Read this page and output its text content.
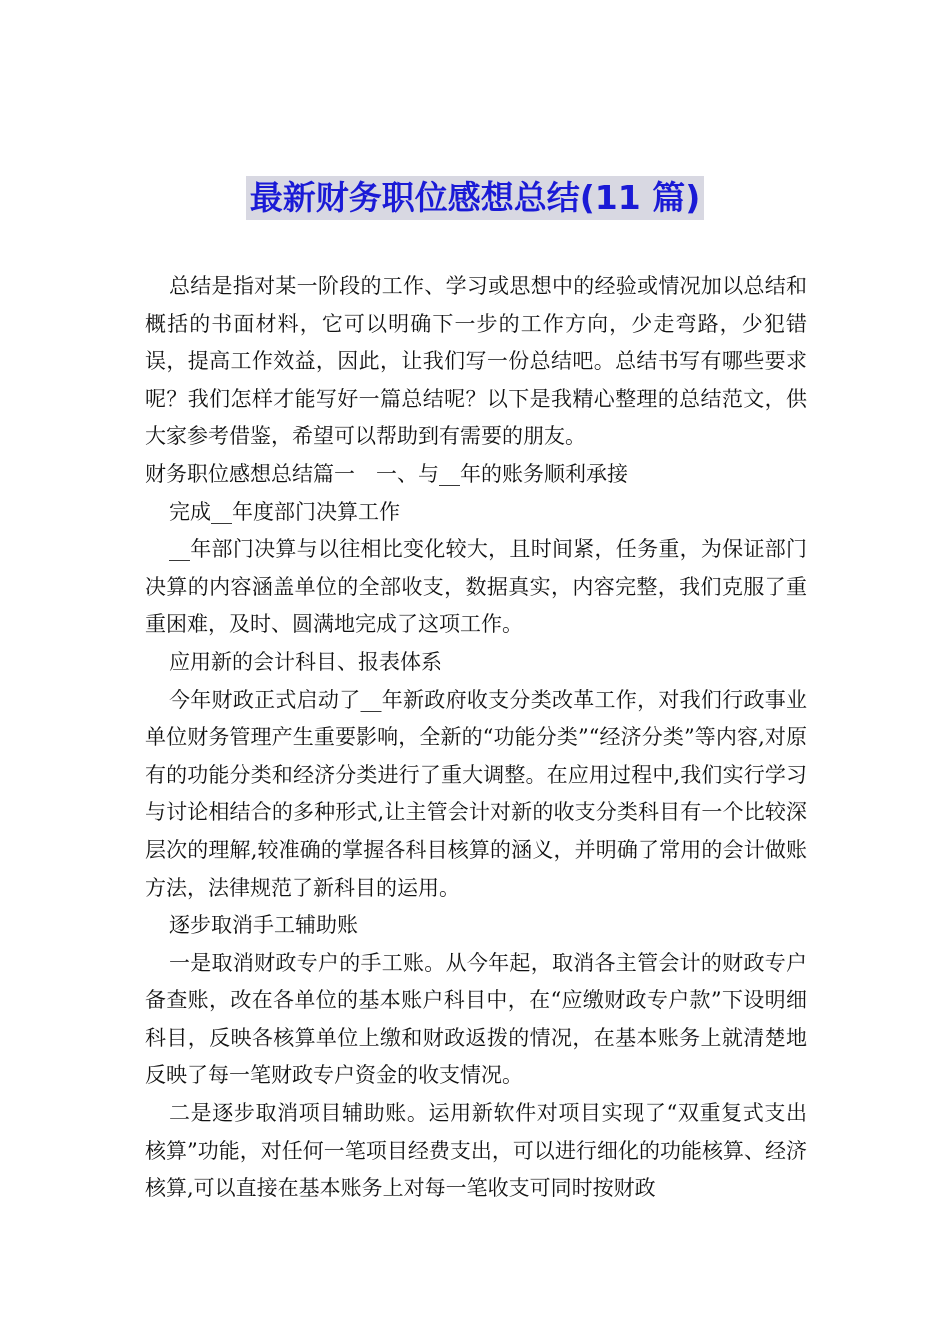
最新财务职位感想总结(11 篇)

总结是指对某一阶段的工作、学习或思想中的经验或情况加以总结和概括的书面材料，它可以明确下一步的工作方向，少走弯路，少犯错误，提高工作效益，因此，让我们写一份总结吧。总结书写有哪些要求呢？我们怎样才能写好一篇总结呢？以下是我精心整理的总结范文，供大家参考借鉴，希望可以帮助到有需要的朋友。

财务职位感想总结篇一　一、与__年的账务顺利承接

完成__年度部门决算工作

__年部门决算与以往相比变化较大，且时间紧，任务重，为保证部门决算的内容涵盖单位的全部收支，数据真实，内容完整，我们克服了重重困难，及时、圆满地完成了这项工作。

应用新的会计科目、报表体系

今年财政正式启动了__年新政府收支分类改革工作，对我们行政事业单位财务管理产生重要影响，全新的“功能分类”“经济分类”等内容,对原有的功能分类和经济分类进行了重大调整。在应用过程中,我们实行学习与讨论相结合的多种形式,让主管会计对新的收支分类科目有一个比较深层次的理解,较准确的掌握各科目核算的涵义，并明确了常用的会计做账方法，法律规范了新科目的运用。

逐步取消手工辅助账

一是取消财政专户的手工账。从今年起，取消各主管会计的财政专户备查账，改在各单位的基本账户科目中，在“应缴财政专户款”下设明细科目，反映各核算单位上缴和财政返拨的情况，在基本账务上就清楚地反映了每一笔财政专户资金的收支情况。

二是逐步取消项目辅助账。运用新软件对项目实现了“双重复式支出核算”功能，对任何一笔项目经费支出，可以进行细化的功能核算、经济核算,可以直接在基本账务上对每一笔收支可同时按财政
